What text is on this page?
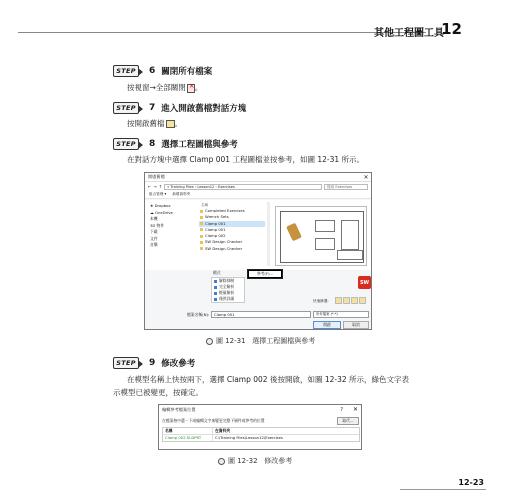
其他工程圖工具
12
STEP	6 關閉所有檔案
按視窗→全部關閉× 。
STEP	7 進入開啟舊檔對話方塊
按開啟舊檔 。
STEP	8 選擇工程圖檔與參考
在對話方塊中選擇 Clamp 001 工程圖檔並按參考，如圖 12-31 所示。
開啟舊檔	✕
← → ↑	« Training Files › Lesson12 › Exercises	搜尋 Exercises
組合管理 ▾ 新增資料夾
★ Dropbox
☁ OneDrive
本機
3D 物件
下載
文件
音樂
名稱
Completed Exercises
Wrench Sets
Clamp 001
Clamp 001
Clamp 002
SW Design Checker
SW Design Checker
SW
模式
解除抑制
完全解析
輕量解析
僅供詳細
參考(F)...
快速篩選:
檔案名稱(N):	Clamp 001	所有檔案 (*.*)
開啟	取消
圖 12-31 選擇工程圖檔與參考
STEP	9 修改參考
在模型名稱上快按兩下，選擇 Clamp 002 後按開啟，如圖 12-32 所示，綠色文字表
示模型已被變更，按確定。
編輯參考檔案位置	? ✕
在檔案格中選一下或編輯文字來變更完整下層件或參考的位置	取代...
名稱	在資料夾
Clamp 002.SLDPRT	C:\Training Files\Lesson12\Exercises
圖 12-32 修改參考
12-23
